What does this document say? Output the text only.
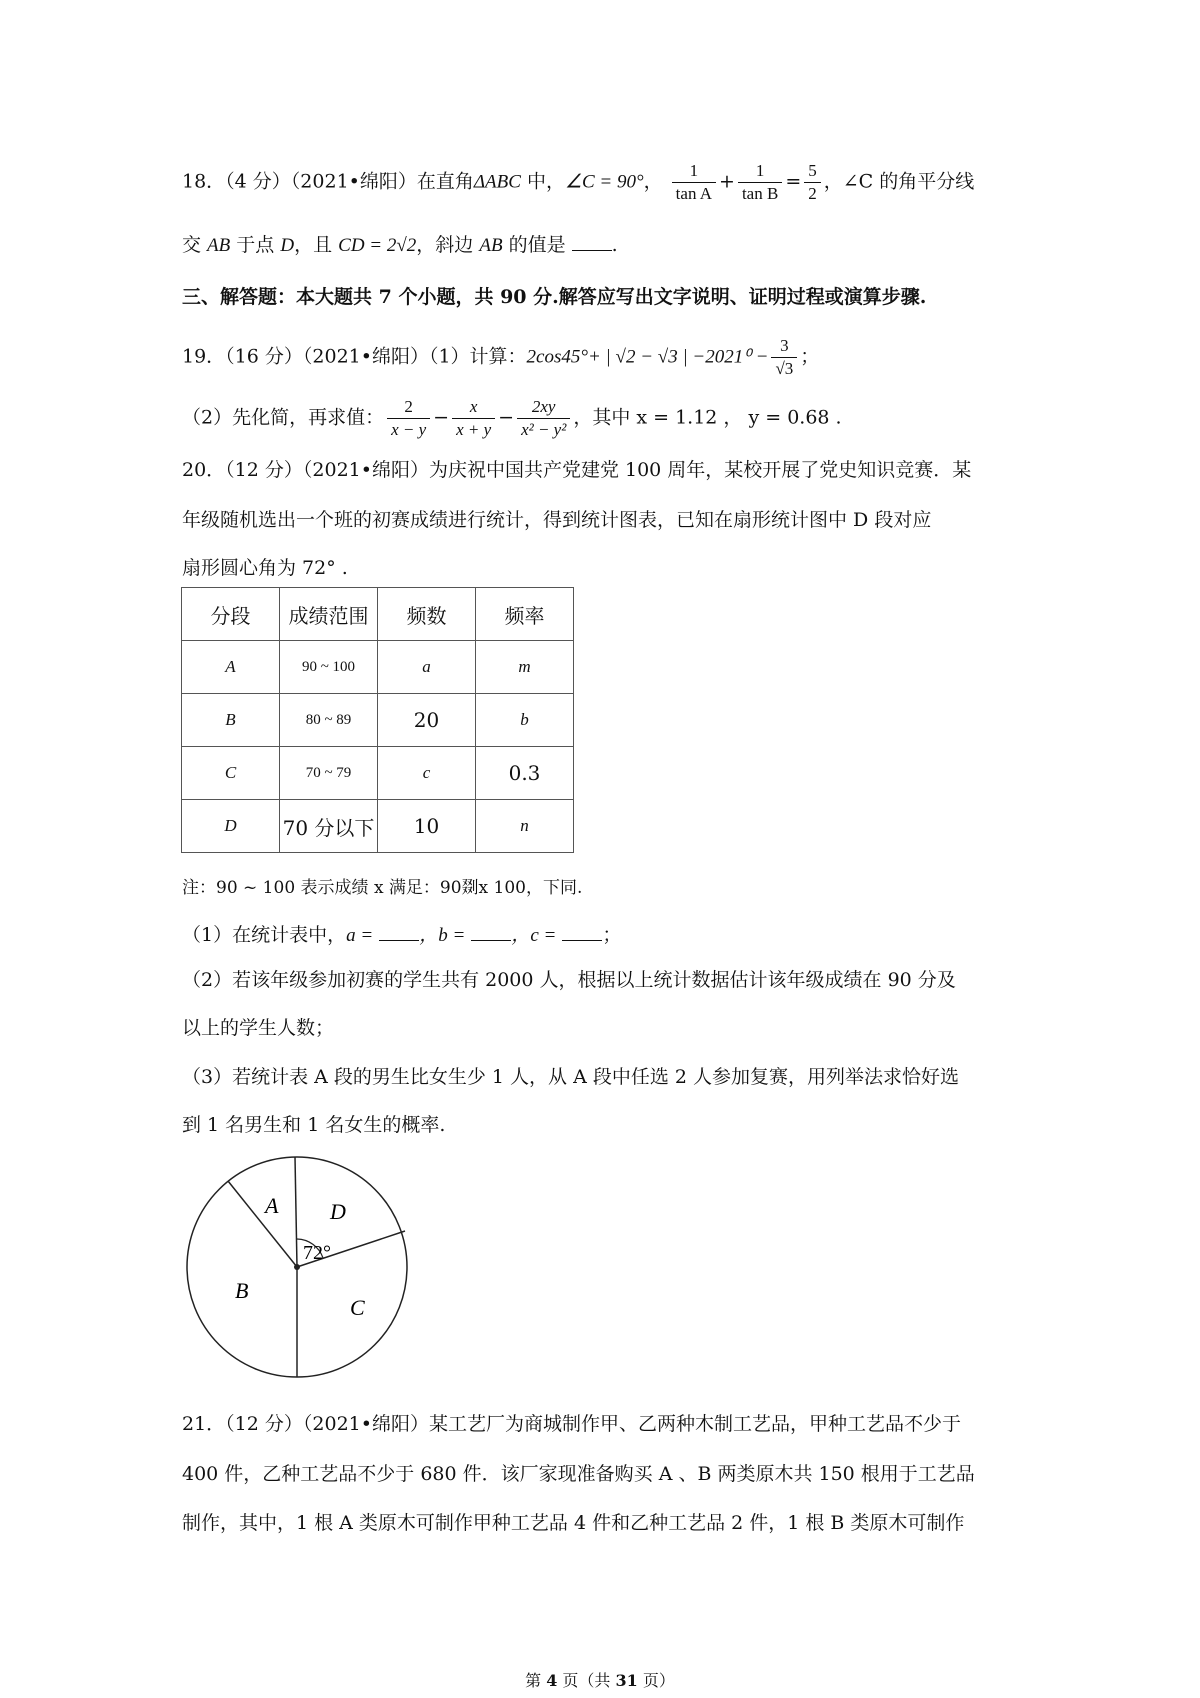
18．（4 分）（2021•绵阳）在直角ΔABC 中，∠C = 90°， $\frac{1}{\text{tan A}} + \frac{1}{\text{tan B}} = \frac{5}{2}$ ，∠C 的角平分线
交 AB 于点 D，且 CD = 2√2，斜边 AB 的值是 .
三、解答题：本大题共 7 个小题，共 90 分.解答应写出文字说明、证明过程或演算步骤.
19．（16 分）（2021•绵阳）（1）计算：2cos45°+ | √2 − √3 | $-2021^0 - \frac{3}{√3}$ ；
（2）先化简，再求值： $\frac{2}{x - y} - \frac{x}{x + y} - \frac{2xy}{\text{x² − y²}}$ ，其中 x = 1.12 ， y = 0.68 .
20．（12 分）（2021•绵阳）为庆祝中国共产党建党 100 周年，某校开展了党史知识竞赛．某
年级随机选出一个班的初赛成绩进行统计，得到统计图表，已知在扇形统计图中 D 段对应
扇形圆心角为 72° .
分段	成绩范围	频数	频率
A	90 ~ 100	a	m
B	80 ~ 89	20	b
C	70 ~ 79	c	0.3
D	70 分以下	10	n
注：90 ~ 100 表示成绩 x 满足：90剟x 100，下同.
（1）在统计表中，a = ，b = ，c = ；
（2）若该年级参加初赛的学生共有 2000 人，根据以上统计数据估计该年级成绩在 90 分及
以上的学生人数；
（3）若统计表 A 段的男生比女生少 1 人，从 A 段中任选 2 人参加复赛，用列举法求恰好选
到 1 名男生和 1 名女生的概率.
A D
C
B
72°
21．（12 分）（2021•绵阳）某工艺厂为商城制作甲、乙两种木制工艺品，甲种工艺品不少于
400 件，乙种工艺品不少于 680 件．该厂家现准备购买 A 、B 两类原木共 150 根用于工艺品
制作，其中，1 根 A 类原木可制作甲种工艺品 4 件和乙种工艺品 2 件，1 根 B 类原木可制作
第 4 页（共 31 页）
